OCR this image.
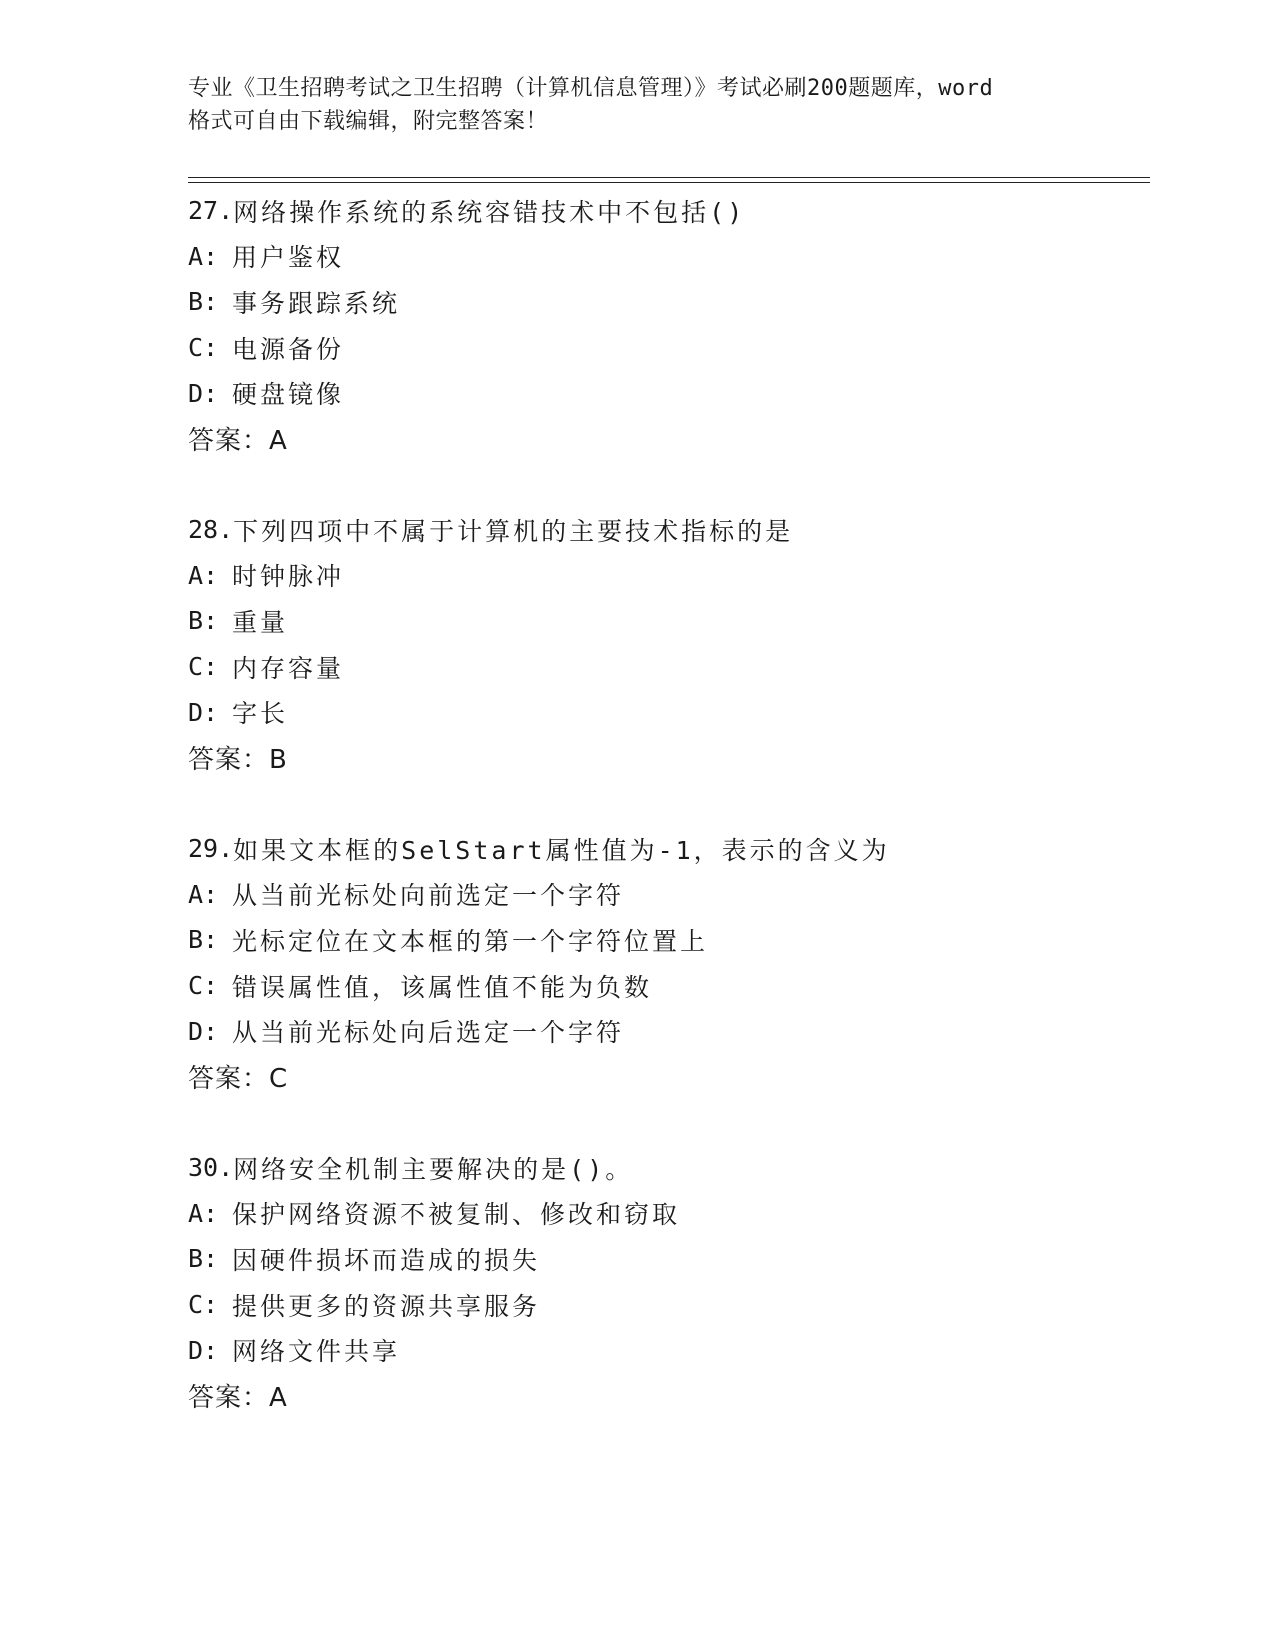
专业《卫生招聘考试之卫生招聘（计算机信息管理）》考试必刷200题题库，word
格式可自由下载编辑，附完整答案！
27. 网络操作系统的系统容错技术中不包括()
A: 用户鉴权
B: 事务跟踪系统
C: 电源备份
D: 硬盘镜像
答案：A
28. 下列四项中不属于计算机的主要技术指标的是
A: 时钟脉冲
B: 重量
C: 内存容量
D: 字长
答案：B
29. 如果文本框的SelStart属性值为-1，表示的含义为
A: 从当前光标处向前选定一个字符
B: 光标定位在文本框的第一个字符位置上
C: 错误属性值，该属性值不能为负数
D: 从当前光标处向后选定一个字符
答案：C
30. 网络安全机制主要解决的是()。
A: 保护网络资源不被复制、修改和窃取
B: 因硬件损坏而造成的损失
C: 提供更多的资源共享服务
D: 网络文件共享
答案：A
